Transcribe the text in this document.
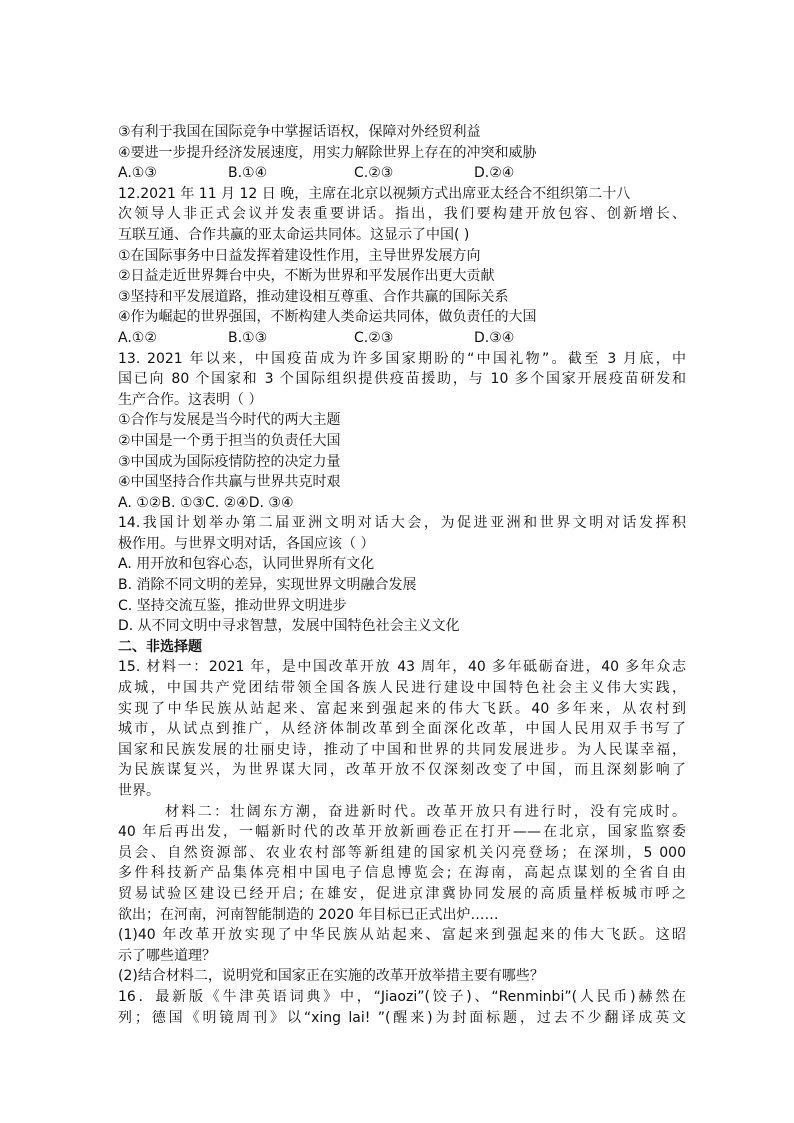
③有利于我国在国际竞争中掌握话语权，保障对外经贸利益
④要进一步提升经济发展速度，用实力解除世界上存在的冲突和威胁
A.①③	B.①④	C.②③	D.②④
12.2021 年 11 月 12 日 晚，主席在北京以视频方式出席亚太经合不组织第二十八
次领导人非正式会议并发表重要讲话。指出，我们要构建开放包容、创新增长、
互联互通、合作共赢的亚太命运共同体。这显示了中国( )
①在国际事务中日益发挥着建设性作用，主导世界发展方向
②日益走近世界舞台中央，不断为世界和平发展作出更大贡献
③坚持和平发展道路，推动建设相互尊重、合作共赢的国际关系
④作为崛起的世界强国，不断构建人类命运共同体，做负责任的大国
A.①②	B.①③	C.②③	D.③④
13. 2021 年以来，中国疫苗成为许多国家期盼的“中国礼物”。截至 3 月底，中
国已向 80 个国家和 3 个国际组织提供疫苗援助，与 10 多个国家开展疫苗研发和
生产合作。这表明（ ）
①合作与发展是当今时代的两大主题
②中国是一个勇于担当的负责任大国
③中国成为国际疫情防控的决定力量
④中国坚持合作共赢与世界共克时艰
A. ①②B. ①③C. ②④D. ③④
14.我国计划举办第二届亚洲文明对话大会，为促进亚洲和世界文明对话发挥积
极作用。与世界文明对话，各国应该（ ）
A. 用开放和包容心态，认同世界所有文化
B. 消除不同文明的差异，实现世界文明融合发展
C. 坚持交流互鉴，推动世界文明进步
D. 从不同文明中寻求智慧，发展中国特色社会主义文化
二、非选择题
15. 材料一：2021 年，是中国改革开放 43 周年，40 多年砥砺奋进，40 多年众志
成城，中国共产党团结带领全国各族人民进行建设中国特色社会主义伟大实践，
实现了中华民族从站起来、富起来到强起来的伟大飞跃。40 多年来，从农村到
城市，从试点到推广，从经济体制改革到全面深化改革，中国人民用双手书写了
国家和民族发展的壮丽史诗，推动了中国和世界的共同发展进步。为人民谋幸福，
为民族谋复兴，为世界谋大同，改革开放不仅深刻改变了中国，而且深刻影响了
世界。
材料二：壮阔东方潮，奋进新时代。改革开放只有进行时，没有完成时。
40 年后再出发，一幅新时代的改革开放新画卷正在打开——在北京，国家监察委
员会、自然资源部、农业农村部等新组建的国家机关闪亮登场；在深圳，5 000
多件科技新产品集体亮相中国电子信息博览会; 在海南，高起点谋划的全省自由
贸易试验区建设已经开启; 在雄安，促进京津冀协同发展的高质量样板城市呼之
欲出；在河南，河南智能制造的 2020 年目标已正式出炉……
(1)40 年改革开放实现了中华民族从站起来、富起来到强起来的伟大飞跃。这昭
示了哪些道理？
(2)结合材料二，说明党和国家正在实施的改革开放举措主要有哪些？
16．最新版《牛津英语词典》中，“Jiaozi”(饺子)、“Renminbi”(人民币)赫然在
列；德国《明镜周刊》以“xing lai! ”(醒来)为封面标题，过去不少翻译成英文
